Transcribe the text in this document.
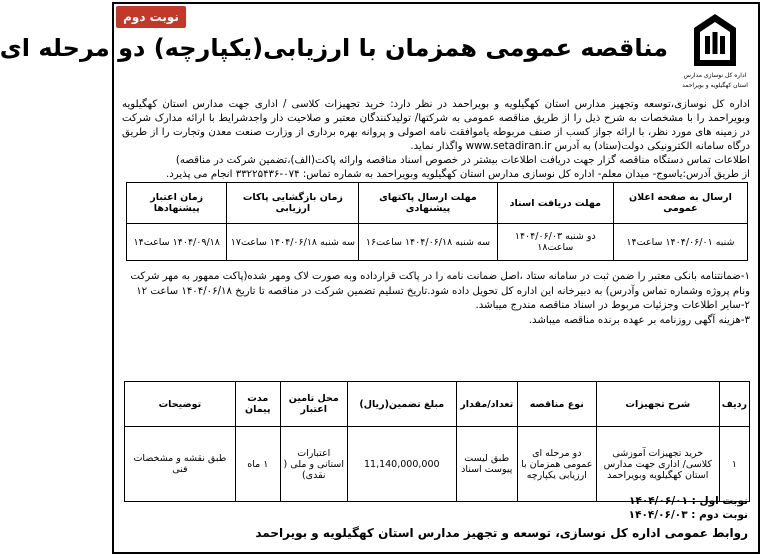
نوبت دوم
اداره کل نوسازی مدارس
استان کهگیلویه و بویراحمد
مناقصه عمومی همزمان با ارزیابی(یکپارچه) دو مرحله ای

اداره کل نوسازی،توسعه وتجهیز مدارس استان کهگیلویه و بویراحمد در نظر دارد: خرید تجهیزات کلاسی / اداری جهت مدارس استان کهگیلویه وبویراحمد را با مشخصات به شرح ذیل را از طریق مناقصه عمومی به شرکتها/ تولیدکنندگان معتبر و صلاحیت دار واجدشرایط با ارائه مدارک شرکت در زمینه های مورد نظر، با ارائه جواز کسب از صنف مربوطه یاموافقت نامه اصولی و پروانه بهره برداری از وزارت صنعت معدن وتجارت را از طریق درگاه سامانه الکترونیکی دولت(ستاد) به آدرس www.setadiran.ir واگذار نماید.

اطلاعات تماس دستگاه مناقصه گزار جهت دریافت اطلاعات بیشتر در خصوص اسناد مناقصه وارائه پاکت(الف)،تضمین شرکت در مناقصه)

از طریق آدرس:یاسوج- میدان معلم- اداره کل نوسازی مدارس استان کهگیلویه وبویراحمد به شماره تماس: ۰۷۴-۳۳۲۲۵۴۳۶ انجام می پذیرد.

ارسال به صفحه اعلان عمومی	مهلت دریافت اسناد	مهلت ارسال پاکتهای پیشنهادی	زمان بازگشایی پاکات ارزیابی	زمان اعتبار پیشنهادها
شنبه ۱۴۰۴/۰۶/۰۱ ساعت۱۴	دو شنبه ۱۴۰۴/۰۶/۰۳ ساعت۱۸	سه شنبه ۱۴۰۴/۰۶/۱۸ ساعت۱۶	سه شنبه ۱۴۰۴/۰۶/۱۸ ساعت۱۷	۱۴۰۴/۰۹/۱۸ ساعت۱۴

۱-ضمانتنامه بانکی معتبر را ضمن ثبت در سامانه ستاد ،اصل ضمانت نامه را در پاکت قرارداده وبه صورت لاک ومهر شده(پاکت ممهور به مهر شرکت ونام پروژه وشماره تماس وآدرس) به دبیرخانه این اداره کل تحویل داده شود.تاریخ تسلیم تضمین شرکت در مناقصه تا تاریخ ۱۴۰۴/۰۶/۱۸ ساعت ۱۲

۲-سایر اطلاعات وجزئیات مربوط در اسناد مناقصه مندرج میباشد.

۳-هزینه آگهی روزنامه بر عهده برنده مناقصه میباشد.

ردیف	شرح تجهیزات	نوع مناقصه	تعداد/مقدار	مبلغ تضمین(ریال)	محل تامین اعتبار	مدت پیمان	توضیحات
۱	خرید تجهیزات آموزشی کلاسی/ اداری جهت مدارس استان کهگیلویه وبویراحمد	دو مرحله ای عمومی همزمان با ارزیابی یکپارچه	طبق لیست پیوست اسناد	11,140,000,000	اعتبارات استانی و ملی ( نقدی)	۱ ماه	طبق نقشه و مشخصات فنی

نوبت اول : ۱۴۰۴/۰۶/۰۱

نوبت دوم : ۱۴۰۴/۰۶/۰۳

روابط عمومی اداره کل نوسازی، توسعه و تجهیز مدارس استان کهگیلویه و بویراحمد
